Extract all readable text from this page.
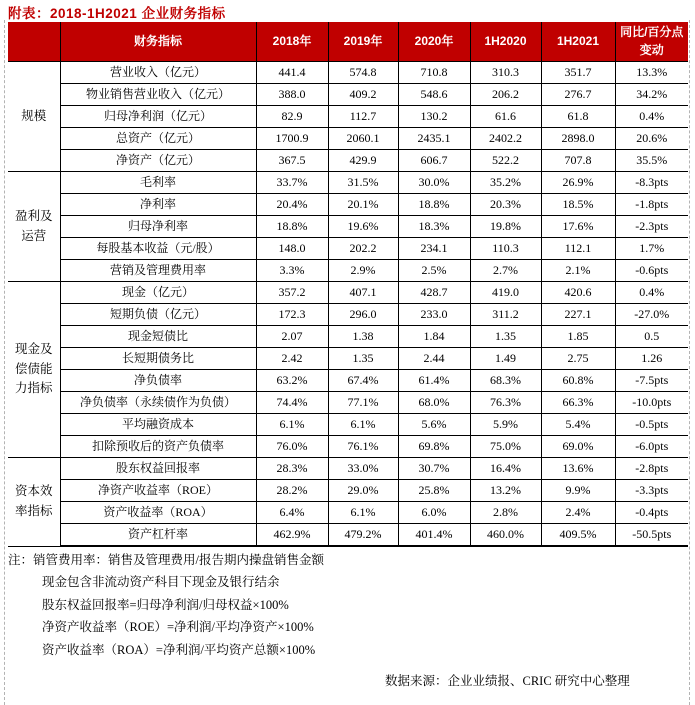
附表：2018-1H2021 企业财务指标
	财务指标	2018年	2019年	2020年	1H2020	1H2021	同比/百分点变动
规模	营业收入（亿元）	441.4	574.8	710.8	310.3	351.7	13.3%
	物业销售营业收入（亿元）	388.0	409.2	548.6	206.2	276.7	34.2%
	归母净利润（亿元）	82.9	112.7	130.2	61.6	61.8	0.4%
	总资产（亿元）	1700.9	2060.1	2435.1	2402.2	2898.0	20.6%
	净资产（亿元）	367.5	429.9	606.7	522.2	707.8	35.5%
盈利及运营	毛利率	33.7%	31.5%	30.0%	35.2%	26.9%	-8.3pts
	净利率	20.4%	20.1%	18.8%	20.3%	18.5%	-1.8pts
	归母净利率	18.8%	19.6%	18.3%	19.8%	17.6%	-2.3pts
	每股基本收益（元/股）	148.0	202.2	234.1	110.3	112.1	1.7%
	营销及管理费用率	3.3%	2.9%	2.5%	2.7%	2.1%	-0.6pts
现金及偿债能力指标	现金（亿元）	357.2	407.1	428.7	419.0	420.6	0.4%
	短期负债（亿元）	172.3	296.0	233.0	311.2	227.1	-27.0%
	现金短债比	2.07	1.38	1.84	1.35	1.85	0.5
	长短期债务比	2.42	1.35	2.44	1.49	2.75	1.26
	净负债率	63.2%	67.4%	61.4%	68.3%	60.8%	-7.5pts
	净负债率（永续债作为负债）	74.4%	77.1%	68.0%	76.3%	66.3%	-10.0pts
	平均融资成本	6.1%	6.1%	5.6%	5.9%	5.4%	-0.5pts
	扣除预收后的资产负债率	76.0%	76.1%	69.8%	75.0%	69.0%	-6.0pts
资本效率指标	股东权益回报率	28.3%	33.0%	30.7%	16.4%	13.6%	-2.8pts
	净资产收益率（ROE）	28.2%	29.0%	25.8%	13.2%	9.9%	-3.3pts
	资产收益率（ROA）	6.4%	6.1%	6.0%	2.8%	2.4%	-0.4pts
	资产杠杆率	462.9%	479.2%	401.4%	460.0%	409.5%	-50.5pts
注：销管费用率：销售及管理费用/报告期内操盘销售金额
现金包含非流动资产科目下现金及银行结余
股东权益回报率=归母净利润/归母权益×100%
净资产收益率（ROE）=净利润/平均净资产×100%
资产收益率（ROA）=净利润/平均资产总额×100%
数据来源：企业业绩报、CRIC 研究中心整理
